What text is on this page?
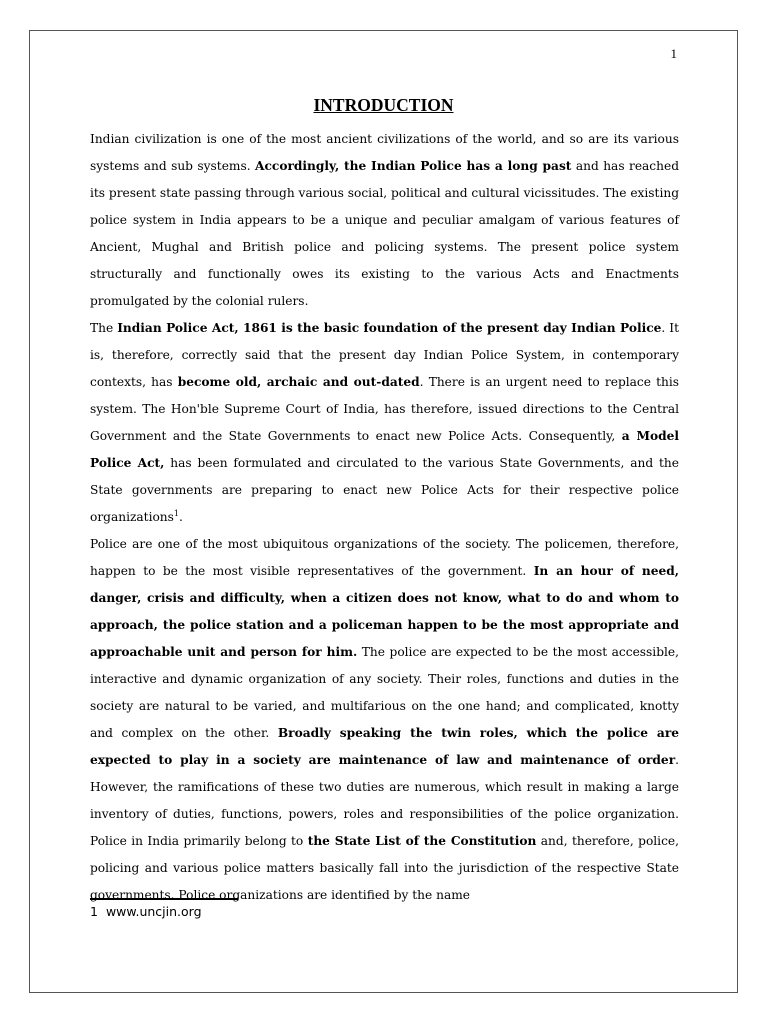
1
INTRODUCTION

Indian civilization is one of the most ancient civilizations of the world, and so are its various systems and sub systems. Accordingly, the Indian Police has a long past and has reached its present state passing through various social, political and cultural vicissitudes. The existing police system in India appears to be a unique and peculiar amalgam of various features of Ancient, Mughal and British police and policing systems. The present police system structurally and functionally owes its existing to the various Acts and Enactments promulgated by the colonial rulers.

The Indian Police Act, 1861 is the basic foundation of the present day Indian Police. It is, therefore, correctly said that the present day Indian Police System, in contemporary contexts, has become old, archaic and out-dated. There is an urgent need to replace this system. The Hon'ble Supreme Court of India, has therefore, issued directions to the Central Government and the State Governments to enact new Police Acts. Consequently, a Model Police Act, has been formulated and circulated to the various State Governments, and the State governments are preparing to enact new Police Acts for their respective police organizations$^1$.

Police are one of the most ubiquitous organizations of the society. The policemen, therefore, happen to be the most visible representatives of the government. In an hour of need, danger, crisis and difficulty, when a citizen does not know, what to do and whom to approach, the police station and a policeman happen to be the most appropriate and approachable unit and person for him. The police are expected to be the most accessible, interactive and dynamic organization of any society. Their roles, functions and duties in the society are natural to be varied, and multifarious on the one hand; and complicated, knotty and complex on the other. Broadly speaking the twin roles, which the police are expected to play in a society are maintenance of law and maintenance of order. However, the ramifications of these two duties are numerous, which result in making a large inventory of duties, functions, powers, roles and responsibilities of the police organization. Police in India primarily belong to the State List of the Constitution and, therefore, police, policing and various police matters basically fall into the jurisdiction of the respective State governments. Police organizations are identified by the name

1 www.uncjin.org
